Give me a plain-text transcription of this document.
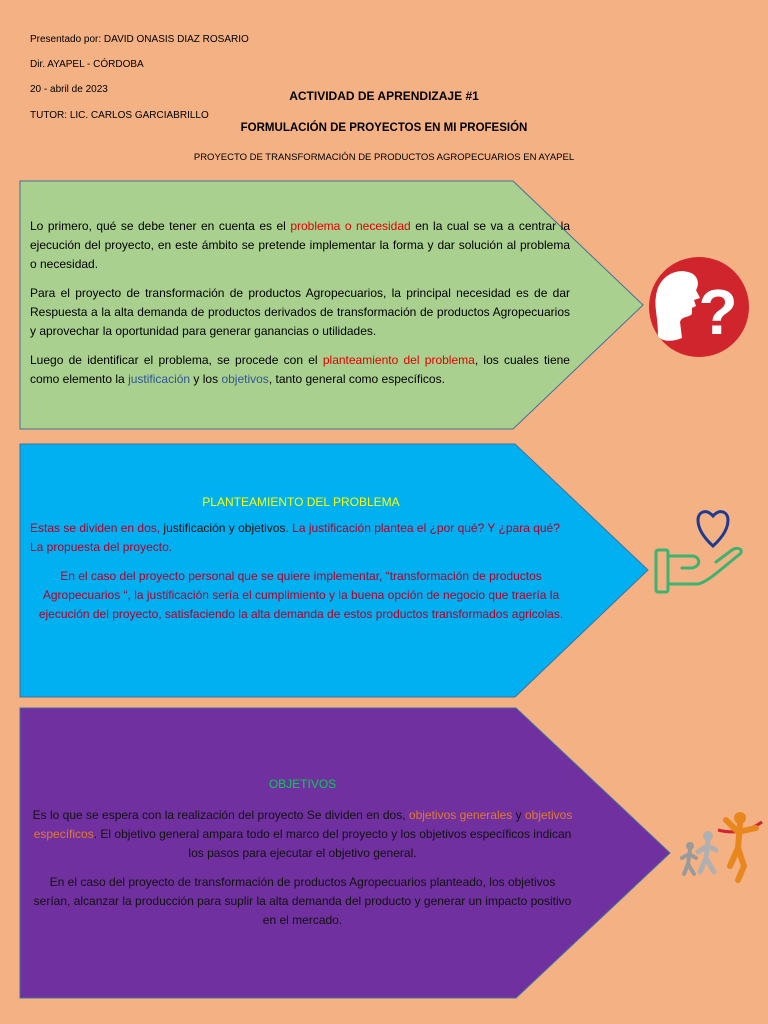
Presentado por: DAVID ONASIS DIAZ ROSARIO
Dir. AYAPEL - CÓRDOBA
20 - abril de 2023
TUTOR: LIC. CARLOS GARCIABRILLO
ACTIVIDAD DE APRENDIZAJE #1
FORMULACIÓN DE PROYECTOS EN MI PROFESIÓN
PROYECTO DE TRANSFORMACIÓN DE PRODUCTOS AGROPECUARIOS EN AYAPEL

Lo primero, qué se debe tener en cuenta es el problema o necesidad en la cual se va a centrar la ejecución del proyecto, en este ámbito se pretende implementar la forma y dar solución al problema o necesidad.

Para el proyecto de transformación de productos Agropecuarios, la principal necesidad es de dar Respuesta a la alta demanda de productos derivados de transformación de productos Agropecuarios y aprovechar la oportunidad para generar ganancias o utilidades.

Luego de identificar el problema, se procede con el planteamiento del problema, los cuales tiene como elemento la justificación y los objetivos, tanto general como específicos.

PLANTEAMIENTO DEL PROBLEMA

Estas se dividen en dos, justificación y objetivos. La justificación plantea el ¿por qué? Y ¿para qué? La propuesta del proyecto.

En el caso del proyecto personal que se quiere implementar, “transformación de productos Agropecuarios “, la justificación sería el cumplimiento y la buena opción de negocio que traería la ejecución del proyecto, satisfaciendo la alta demanda de estos productos transformados agricolas.

OBJETIVOS

Es lo que se espera con la realización del proyecto Se dividen en dos, objetivos generales y objetivos específicos. El objetivo general ampara todo el marco del proyecto y los objetivos específicos indican los pasos para ejecutar el objetivo general.

En el caso del proyecto de transformación de productos Agropecuarios planteado, los objetivos serían, alcanzar la producción para suplir la alta demanda del producto y generar un impacto positivo en el mercado.

?
